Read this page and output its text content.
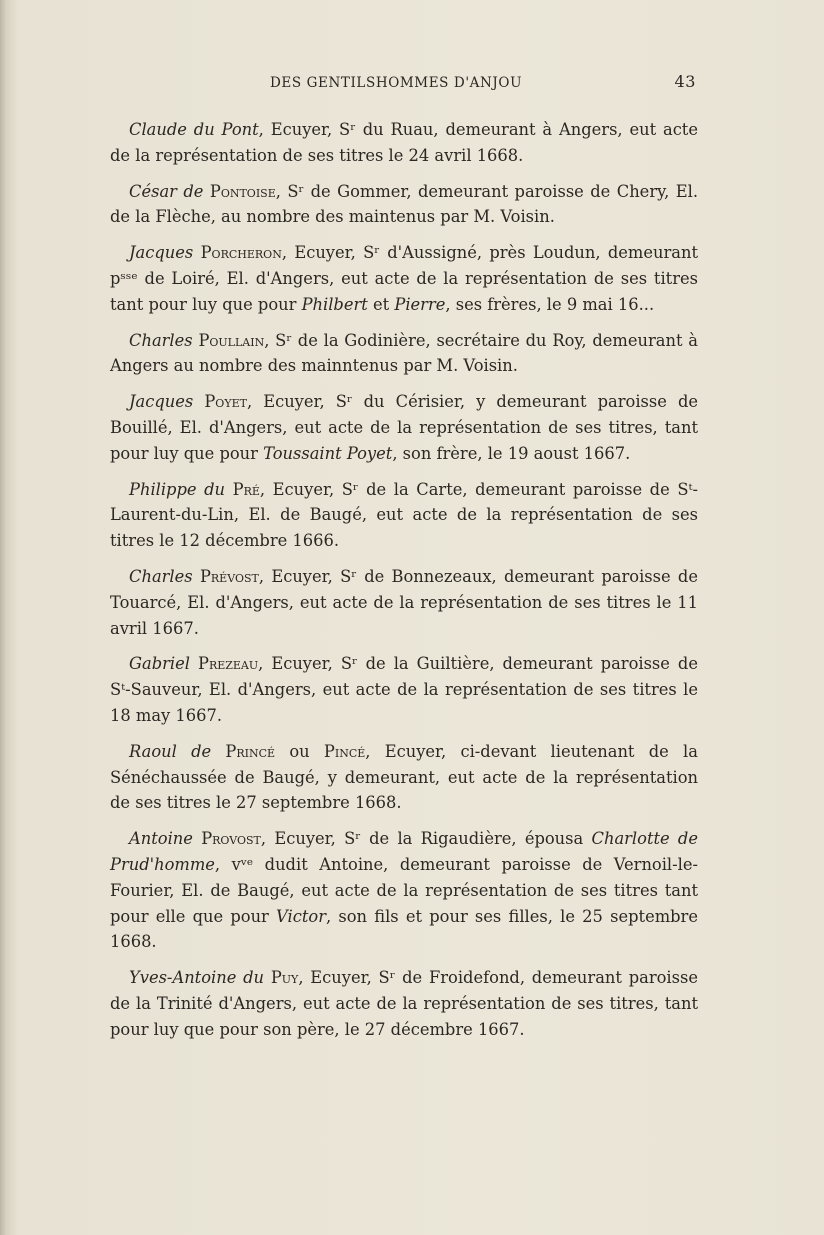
DES GENTILSHOMMES D'ANJOU	43

Claude du Pont, Ecuyer, Sʳ du Ruau, demeurant à Angers, eut acte de la représentation de ses titres le 24 avril 1668.

César de Pontoise, Sʳ de Gommer, demeurant paroisse de Chery, El. de la Flèche, au nombre des maintenus par M. Voisin.

Jacques Porcheron, Ecuyer, Sʳ d'Aussigné, près Loudun, demeurant pˢˢᵉ de Loiré, El. d'Angers, eut acte de la représentation de ses titres tant pour luy que pour Philbert et Pierre, ses frères, le 9 mai 16...

Charles Poullain, Sʳ de la Godinière, secrétaire du Roy, demeurant à Angers au nombre des mainntenus par M. Voisin.

Jacques Poyet, Ecuyer, Sʳ du Cérisier, y demeurant paroisse de Bouillé, El. d'Angers, eut acte de la représentation de ses titres, tant pour luy que pour Toussaint Poyet, son frère, le 19 aoust 1667.

Philippe du Pré, Ecuyer, Sʳ de la Carte, demeurant paroisse de Sᵗ-Laurent-du-Lin, El. de Baugé, eut acte de la représentation de ses titres le 12 décembre 1666.

Charles Prévost, Ecuyer, Sʳ de Bonnezeaux, demeurant paroisse de Touarcé, El. d'Angers, eut acte de la représentation de ses titres le 11 avril 1667.

Gabriel Prezeau, Ecuyer, Sʳ de la Guiltière, demeurant paroisse de Sᵗ-Sauveur, El. d'Angers, eut acte de la représentation de ses titres le 18 may 1667.

Raoul de Princé ou Pincé, Ecuyer, ci-devant lieutenant de la Sénéchaussée de Baugé, y demeurant, eut acte de la représentation de ses titres le 27 septembre 1668.

Antoine Provost, Ecuyer, Sʳ de la Rigaudière, épousa Charlotte de Prud'homme, vᵛᵉ dudit Antoine, demeurant paroisse de Vernoil-le-Fourier, El. de Baugé, eut acte de la représentation de ses titres tant pour elle que pour Victor, son fils et pour ses filles, le 25 septembre 1668.

Yves-Antoine du Puy, Ecuyer, Sʳ de Froidefond, demeurant paroisse de la Trinité d'Angers, eut acte de la représentation de ses titres, tant pour luy que pour son père, le 27 décembre 1667.
